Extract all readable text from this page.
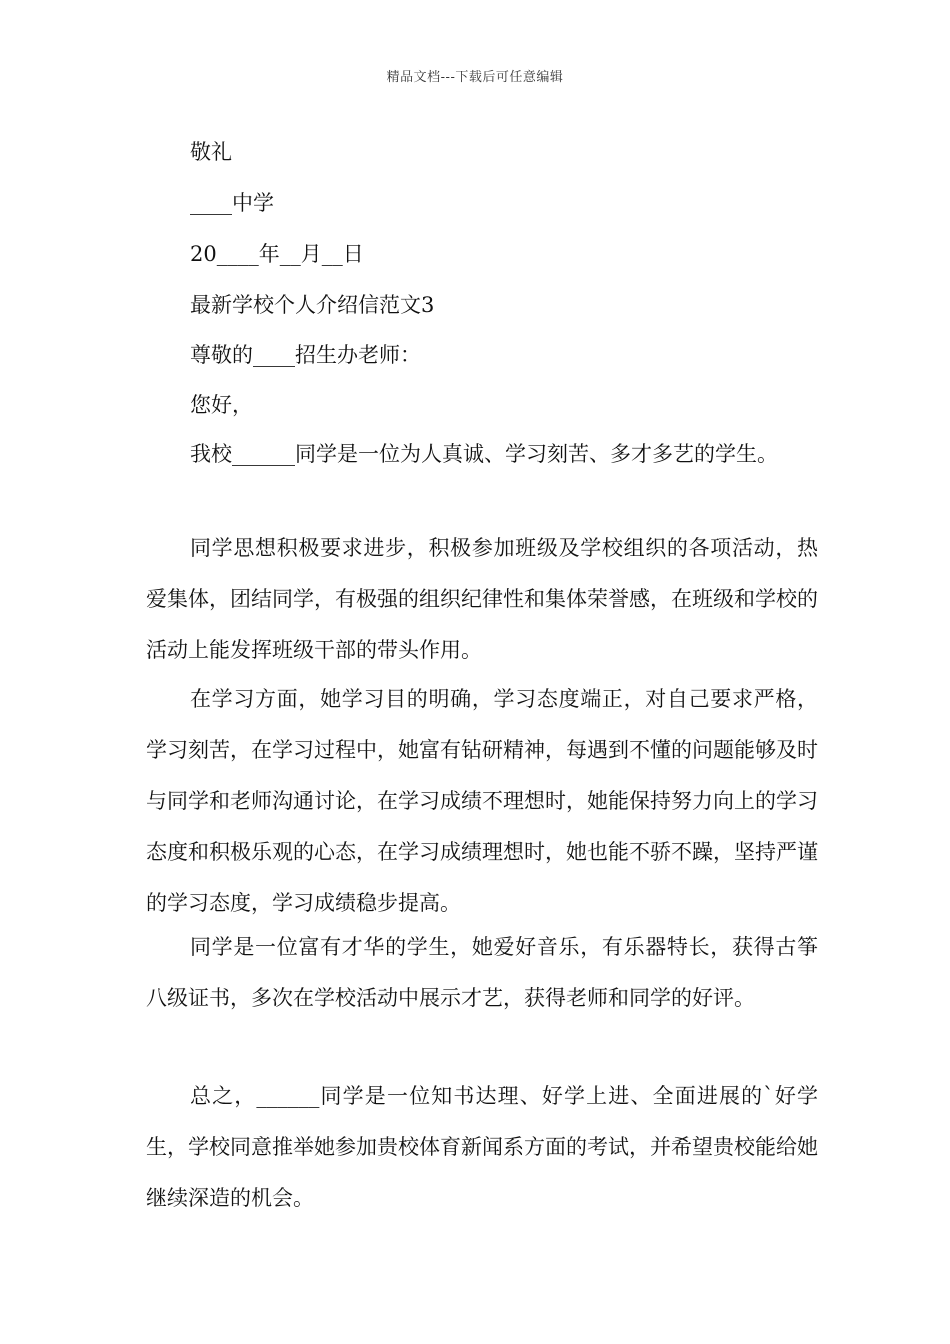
精品文档---下载后可任意编辑
敬礼
____中学
20____年__月__日
最新学校个人介绍信范文3
尊敬的____招生办老师：
您好，
我校______同学是一位为人真诚、学习刻苦、多才多艺的学生。
同学思想积极要求进步，积极参加班级及学校组织的各项活动，热爱集体，团结同学，有极强的组织纪律性和集体荣誉感，在班级和学校的活动上能发挥班级干部的带头作用。
在学习方面，她学习目的明确，学习态度端正，对自己要求严格，学习刻苦，在学习过程中，她富有钻研精神，每遇到不懂的问题能够及时与同学和老师沟通讨论，在学习成绩不理想时，她能保持努力向上的学习态度和积极乐观的心态，在学习成绩理想时，她也能不骄不躁，坚持严谨的学习态度，学习成绩稳步提高。
同学是一位富有才华的学生，她爱好音乐，有乐器特长，获得古筝八级证书，多次在学校活动中展示才艺，获得老师和同学的好评。
总之，______同学是一位知书达理、好学上进、全面进展的`好学生，学校同意推举她参加贵校体育新闻系方面的考试，并希望贵校能给她继续深造的机会。
